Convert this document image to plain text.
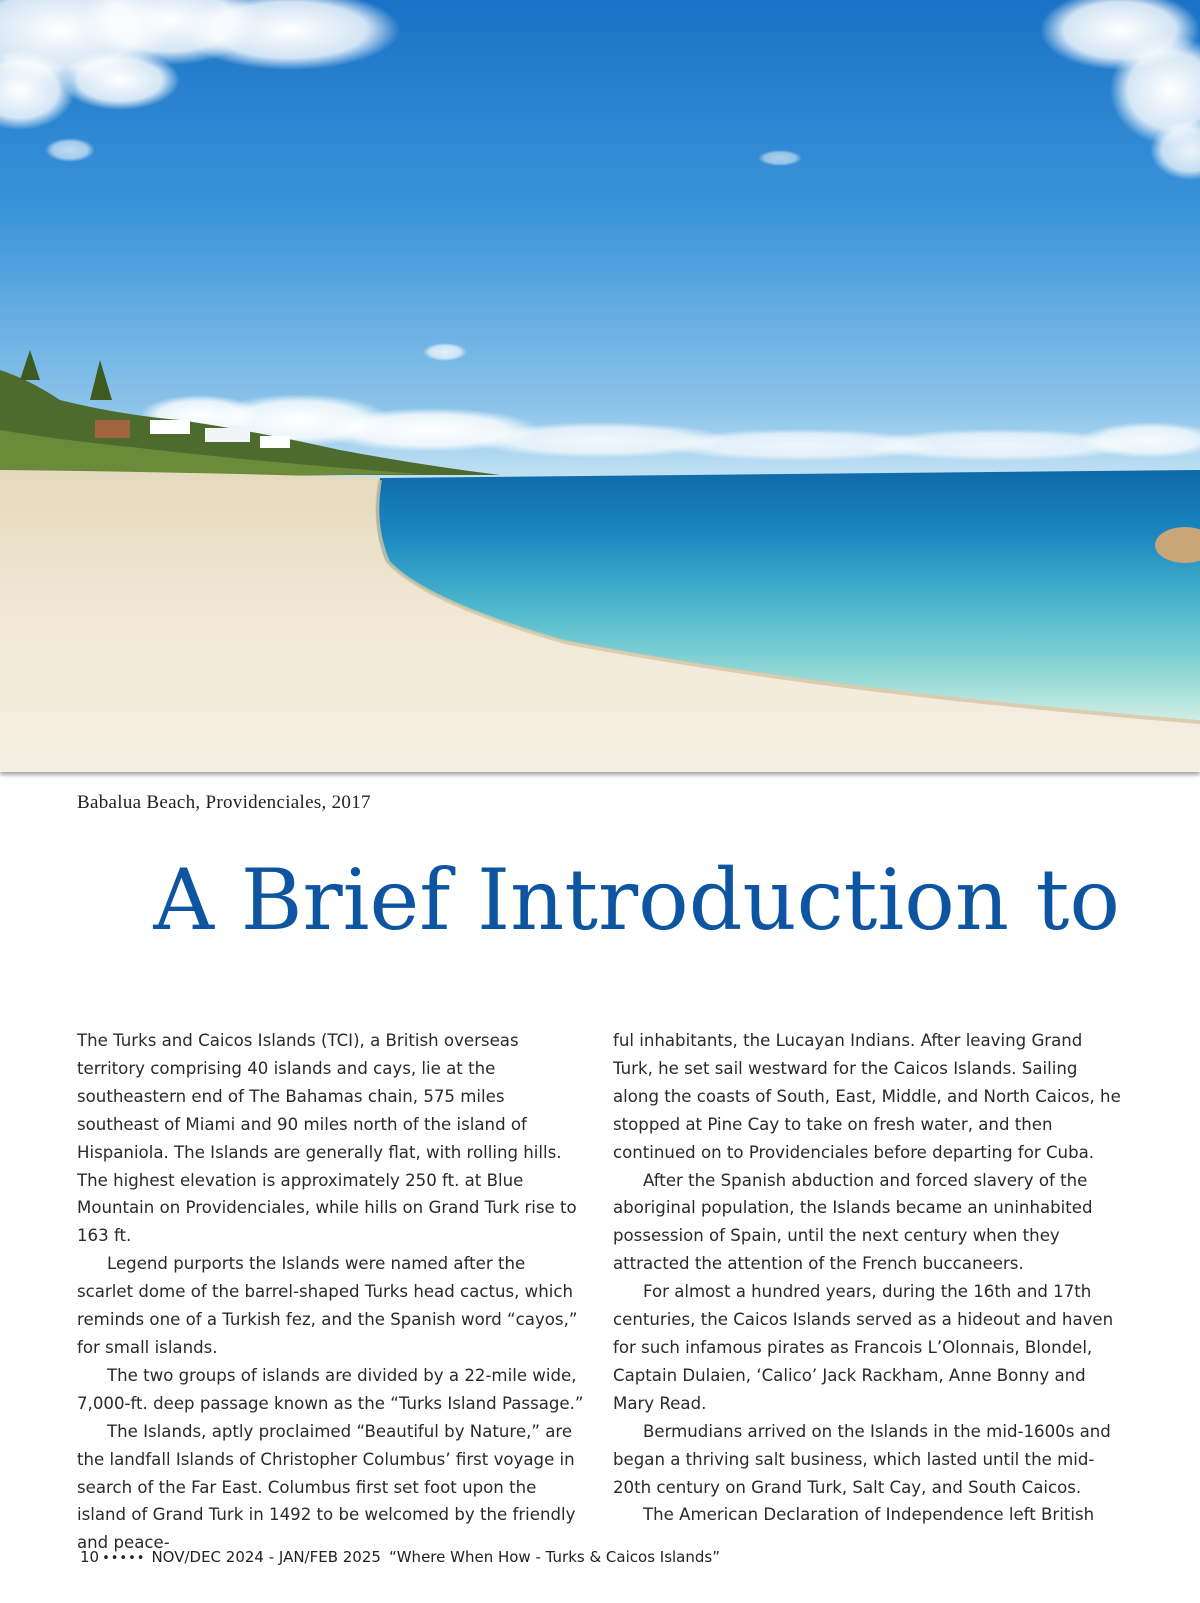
Babalua Beach, Providenciales, 2017
A Brief Introduction to

The Turks and Caicos Islands (TCI), a British overseas territory comprising 40 islands and cays, lie at the southeastern end of The Bahamas chain, 575 miles southeast of Miami and 90 miles north of the island of Hispaniola. The Islands are generally flat, with rolling hills. The highest elevation is approximately 250 ft. at Blue Mountain on Providenciales, while hills on Grand Turk rise to 163 ft.

Legend purports the Islands were named after the scarlet dome of the barrel-shaped Turks head cactus, which reminds one of a Turkish fez, and the Spanish word “cayos,” for small islands.

The two groups of islands are divided by a 22-mile wide, 7,000-ft. deep passage known as the “Turks Island Passage.”

The Islands, aptly proclaimed “Beautiful by Nature,” are the landfall Islands of Christopher Columbus’ first voyage in search of the Far East. Columbus first set foot upon the island of Grand Turk in 1492 to be welcomed by the friendly and peace-

ful inhabitants, the Lucayan Indians. After leaving Grand Turk, he set sail westward for the Caicos Islands. Sailing along the coasts of South, East, Middle, and North Caicos, he stopped at Pine Cay to take on fresh water, and then continued on to Providenciales before departing for Cuba.

After the Spanish abduction and forced slavery of the aboriginal population, the Islands became an uninhabited possession of Spain, until the next century when they attracted the attention of the French buccaneers.

For almost a hundred years, during the 16th and 17th centuries, the Caicos Islands served as a hideout and haven for such infamous pirates as Francois L’Olonnais, Blondel, Captain Dulaien, ‘Calico’ Jack Rackham, Anne Bonny and Mary Read.

Bermudians arrived on the Islands in the mid-1600s and began a thriving salt business, which lasted until the mid-20th century on Grand Turk, Salt Cay, and South Caicos.

The American Declaration of Independence left British

10 ••••• NOV/DEC 2024 - JAN/FEB 2025 “Where When How - Turks & Caicos Islands”
